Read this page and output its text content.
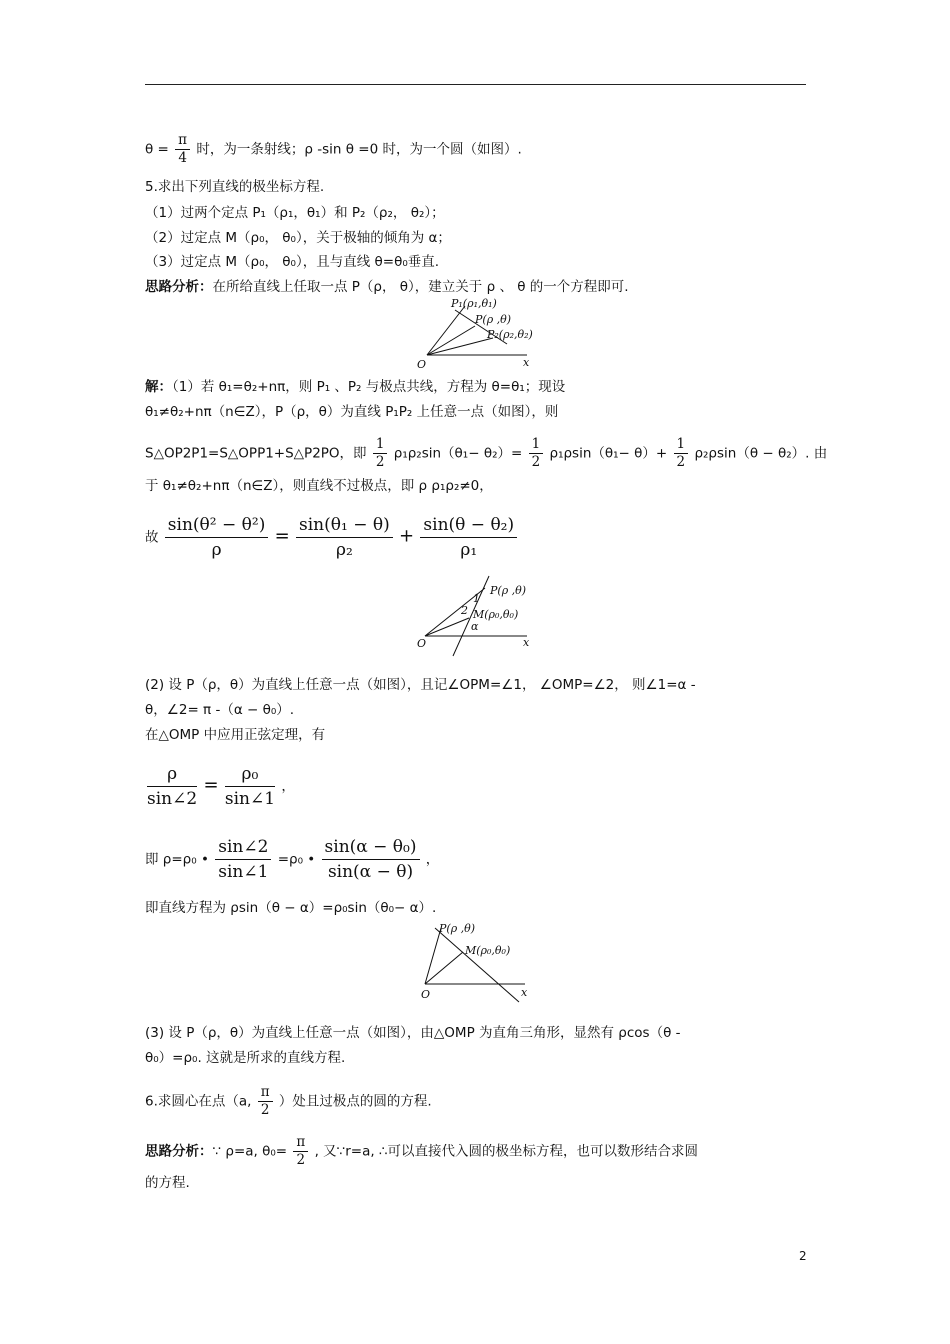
$\theta = \frac{\pi}{4}$ 时，为一条射线；ρ -sin θ =0 时，为一个圆（如图）.
5.求出下列直线的极坐标方程.
（1）过两个定点 P₁（ρ₁，θ₁）和 P₂（ρ₂， θ₂）；
（2）过定点 M（ρ₀， θ₀），关于极轴的倾角为 α；
（3）过定点 M（ρ₀， θ₀），且与直线 θ=θ₀垂直.
思路分析：在所给直线上任取一点 P（ρ， θ），建立关于 ρ 、 θ 的一个方程即可.
P₁(ρ₁,θ₁)
P(ρ ,θ)
P₂(ρ₂,θ₂)
O	x
解：（1）若 θ₁=θ₂+nπ，则 P₁ 、P₂ 与极点共线，方程为 θ=θ₁；现设
θ₁≠θ₂+nπ（n∈Z），P（ρ，θ）为直线 P₁P₂ 上任意一点（如图），则
S△OP2P1=S△OPP1+S△P2PO，即 $\frac{1}{2} \rho_1\rho_2\sin(\theta_1- \theta_2)= \frac{1}{2} \rho_1\rho\sin(\theta_1- \theta)+ \frac{1}{2} \rho_2\rho\sin(\theta - \theta_2)$. 由
于 θ₁≠θ₂+nπ（n∈Z），则直线不过极点，即 ρ ρ₁ρ₂≠0，
故 $\frac{\text{sin(θ² − θ²)}}{\rho} = \frac{\text{sin(θ₁ − θ)}}{\text{ρ₂}} + \frac{\text{sin(θ − θ₂)}}{\text{ρ₁}}$
P(ρ ,θ)
M(ρ₀,θ₀)
α
1
2
O	x
(2) 设 P（ρ，θ）为直线上任意一点（如图），且记∠OPM=∠1， ∠OMP=∠2， 则∠1=α -
θ，∠2= π -（α − θ₀）.
在△OMP 中应用正弦定理，有
$\frac{\rho}{\sin\angle 2} = \frac{\text{ρ₀}}{\sin\angle 1}$ ，
即 ρ=ρ₀ • $\frac{\sin\angle 2}{\sin\angle 1} =\rho_0$ • $\frac{\text{sin(α − θ₀)}}{\sin(\alpha - \theta)}$ ，
即直线方程为 ρsin（θ − α）=ρ₀sin（θ₀− α）.
P(ρ ,θ)
M(ρ₀,θ₀)
O	x
(3) 设 P（ρ，θ）为直线上任意一点（如图），由△OMP 为直角三角形，显然有 ρcos（θ -
θ₀）=ρ₀. 这就是所求的直线方程.
6.求圆心在点（a, $\frac{\pi}{2}$ ）处且过极点的圆的方程.
思路分析：∵ ρ=a, $\theta_0= \frac{\pi}{2}$ , 又∵r=a, ∴可以直接代入圆的极坐标方程，也可以数形结合求圆
的方程.
2
